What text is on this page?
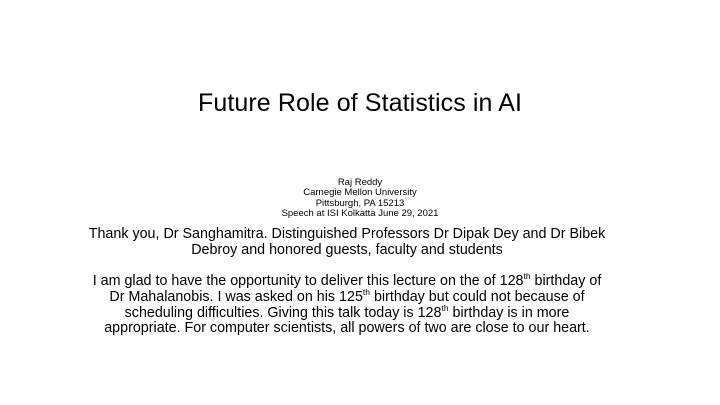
Future Role of Statistics in AI
Raj Reddy
Carnegie Mellon University
Pittsburgh, PA 15213
Speech at ISI Kolkatta June 29, 2021

Thank you, Dr Sanghamitra. Distinguished Professors Dr Dipak Dey and Dr Bibek Debroy and honored guests, faculty and students

I am glad to have the opportunity to deliver this lecture on the of 128th birthday of Dr Mahalanobis. I was asked on his 125th birthday but could not because of scheduling difficulties. Giving this talk today is 128th birthday is in more appropriate. For computer scientists, all powers of two are close to our heart.
